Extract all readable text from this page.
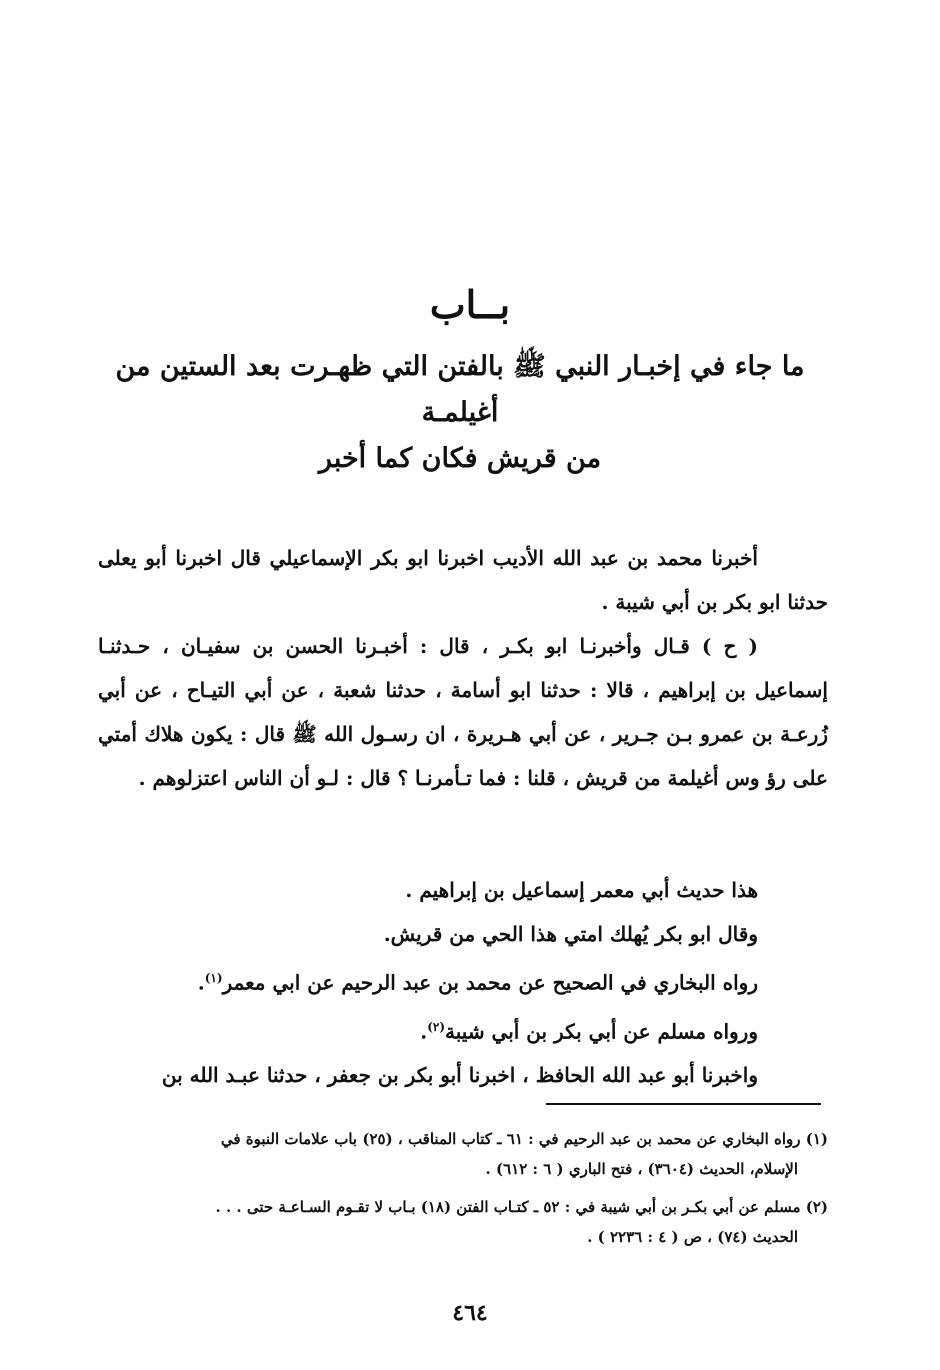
بــاب
ما جاء في إخبـار النبي ﷺ بالفتن التي ظهـرت بعد الستين من أغيلمـة
من قريش فكان كما أخبر

أخبرنا محمد بن عبد الله الأديب اخبرنا ابو بكر الإسماعيلي قال اخبرنا أبو يعلى حدثنا ابو بكر بن أبي شيبة .

( ح ) قـال وأخبرنـا ابو بكـر ، قال : أخبـرنا الحسن بن سفيـان ، حـدثنـا إسماعيل بن إبراهيم ، قالا : حدثنا ابو أسامة ، حدثنا شعبة ، عن أبي التيـاح ، عن أبي زُرعـة بن عمرو بـن جـرير ، عن أبي هـريرة ، ان رسـول الله ﷺ قال : يكون هلاك أمتي على رؤ وس أغيلمة من قريش ، قلنا : فما تـأمرنـا ؟ قال : لـو أن الناس اعتزلوهم .

هذا حديث أبي معمر إسماعيل بن إبراهيم .

وقال ابو بكر يُهلك امتي هذا الحي من قريش.

رواه البخاري في الصحيح عن محمد بن عبد الرحيم عن ابي معمر$^{(١)}$.

ورواه مسلم عن أبي بكر بن أبي شيبة$^{(٢)}$.

واخبرنا أبو عبد الله الحافظ ، اخبرنا أبو بكر بن جعفر ، حدثنا عبـد الله بن

(١) رواه البخاري عن محمد بن عبد الرحيم في : ٦١ ـ كتاب المناقب ، (٢٥) باب علامات النبوة في
الإسلام، الحديث (٣٦٠٤) ، فتح الباري ( ٦ : ٦١٢) .
(٢) مسلم عن أبي بكـر بن أبي شيبة في : ٥٢ ـ كتـاب الفتن (١٨) بـاب لا تقـوم السـاعـة حتى . . .
الحديث (٧٤) ، ص ( ٤ : ٢٢٣٦ ) .
٤٦٤
